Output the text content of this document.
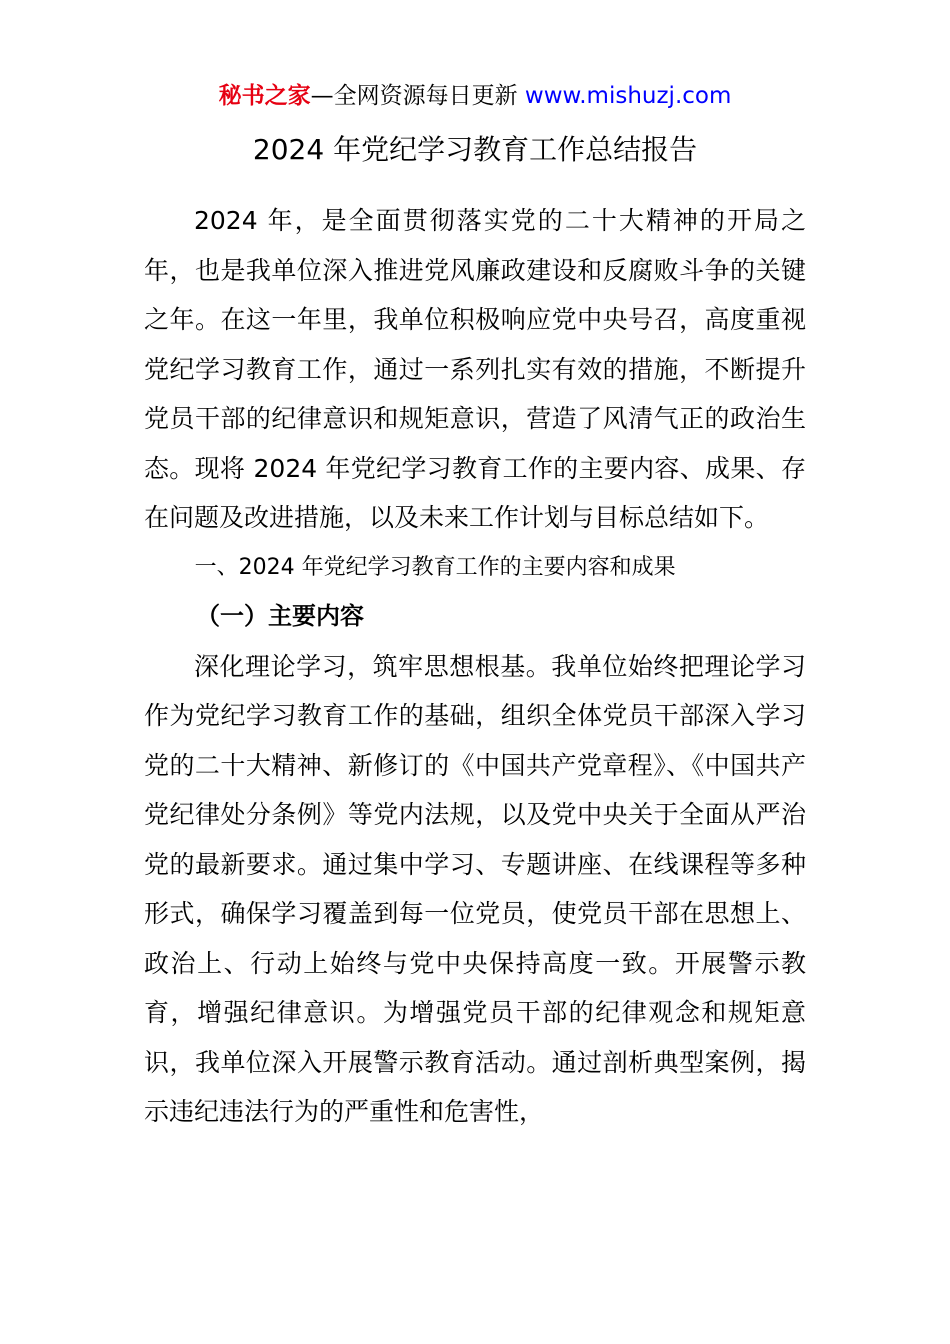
秘书之家—全网资源每日更新 www.mishuzj.com
2024 年党纪学习教育工作总结报告

2024 年，是全面贯彻落实党的二十大精神的开局之年，也是我单位深入推进党风廉政建设和反腐败斗争的关键之年。在这一年里，我单位积极响应党中央号召，高度重视党纪学习教育工作，通过一系列扎实有效的措施，不断提升党员干部的纪律意识和规矩意识，营造了风清气正的政治生态。现将 2024 年党纪学习教育工作的主要内容、成果、存在问题及改进措施，以及未来工作计划与目标总结如下。

一、2024 年党纪学习教育工作的主要内容和成果

（一）主要内容

深化理论学习，筑牢思想根基。我单位始终把理论学习作为党纪学习教育工作的基础，组织全体党员干部深入学习党的二十大精神、新修订的《中国共产党章程》、《中国共产党纪律处分条例》等党内法规，以及党中央关于全面从严治党的最新要求。通过集中学习、专题讲座、在线课程等多种形式，确保学习覆盖到每一位党员，使党员干部在思想上、政治上、行动上始终与党中央保持高度一致。开展警示教育，增强纪律意识。为增强党员干部的纪律观念和规矩意识，我单位深入开展警示教育活动。通过剖析典型案例，揭示违纪违法行为的严重性和危害性，
